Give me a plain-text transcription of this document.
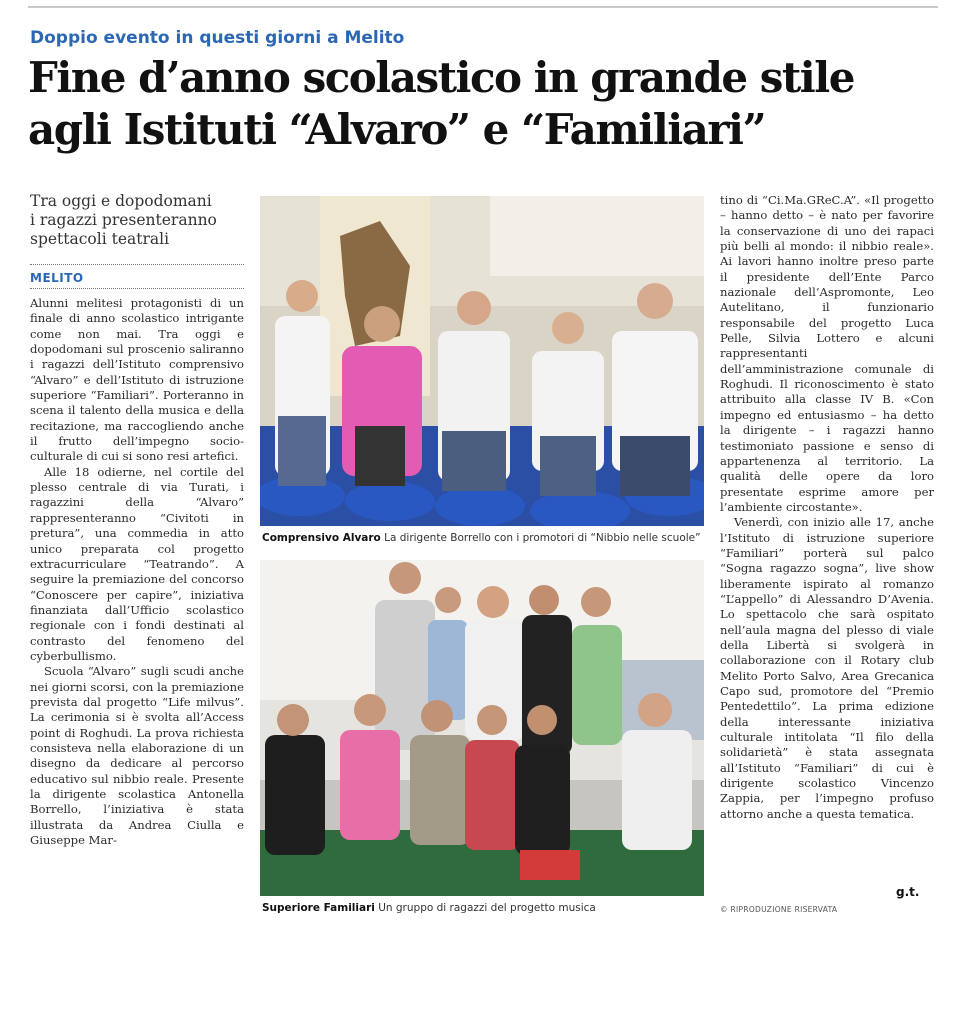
Doppio evento in questi giorni a Melito
Fine d’anno scolastico in grande stile
agli Istituti “Alvaro” e “Familiari”
Tra oggi e dopodomani
i ragazzi presenteranno
spettacoli teatrali
MELITO

Alunni melitesi protagonisti di un finale di anno scolastico intrigante come non mai. Tra oggi e dopodomani sul proscenio saliranno i ragazzi dell’Istituto comprensivo “Alvaro” e dell’Istituto di istruzione superiore “Familiari”. Porteranno in scena il talento della musica e della recitazione, ma raccogliendo anche il frutto dell’impegno socio-culturale di cui si sono resi artefici.

Alle 18 odierne, nel cortile del plesso centrale di via Turati, i ragazzini della “Alvaro” rappresenteranno “Civitoti in pretura”, una commedia in atto unico preparata col progetto extracurriculare “Teatrando”. A seguire la premiazione del concorso “Conoscere per capire”, iniziativa finanziata dall’Ufficio scolastico regionale con i fondi destinati al contrasto del fenomeno del cyberbullismo.

Scuola “Alvaro” sugli scudi anche nei giorni scorsi, con la premiazione prevista dal progetto “Life milvus”. La cerimonia si è svolta all’Access point di Roghudi. La prova richiesta consisteva nella elaborazione di un disegno da dedicare al percorso educativo sul nibbio reale. Presente la dirigente scolastica Antonella Borrello, l’iniziativa è stata illustrata da Andrea Ciulla e Giuseppe Mar-

Comprensivo Alvaro La dirigente Borrello con i promotori di “Nibbio nelle scuole”
Superiore Familiari Un gruppo di ragazzi del progetto musica

tino di “Ci.Ma.GReC.A”. «Il progetto – hanno detto – è nato per favorire la conservazione di uno dei rapaci più belli al mondo: il nibbio reale». Ai lavori hanno inoltre preso parte il presidente dell’Ente Parco nazionale dell’Aspromonte, Leo Autelitano, il funzionario responsabile del progetto Luca Pelle, Silvia Lottero e alcuni rappresentanti dell’amministrazione comunale di Roghudi. Il riconoscimento è stato attribuito alla classe IV B. «Con impegno ed entusiasmo – ha detto la dirigente – i ragazzi hanno testimoniato passione e senso di appartenenza al territorio. La qualità delle opere da loro presentate esprime amore per l’ambiente circostante».

Venerdì, con inizio alle 17, anche l’Istituto di istruzione superiore “Familiari” porterà sul palco “Sogna ragazzo sogna”, live show liberamente ispirato al romanzo “L’appello” di Alessandro D’Avenia. Lo spettacolo che sarà ospitato nell’aula magna del plesso di viale della Libertà si svolgerà in collaborazione con il Rotary club Melito Porto Salvo, Area Grecanica Capo sud, promotore del “Premio Pentedettilo”. La prima edizione della interessante iniziativa culturale intitolata “Il filo della solidarietà” è stata assegnata all’Istituto “Familiari” di cui è dirigente scolastico Vincenzo Zappia, per l’impegno profuso attorno anche a questa tematica.

g.t.
© RIPRODUZIONE RISERVATA
